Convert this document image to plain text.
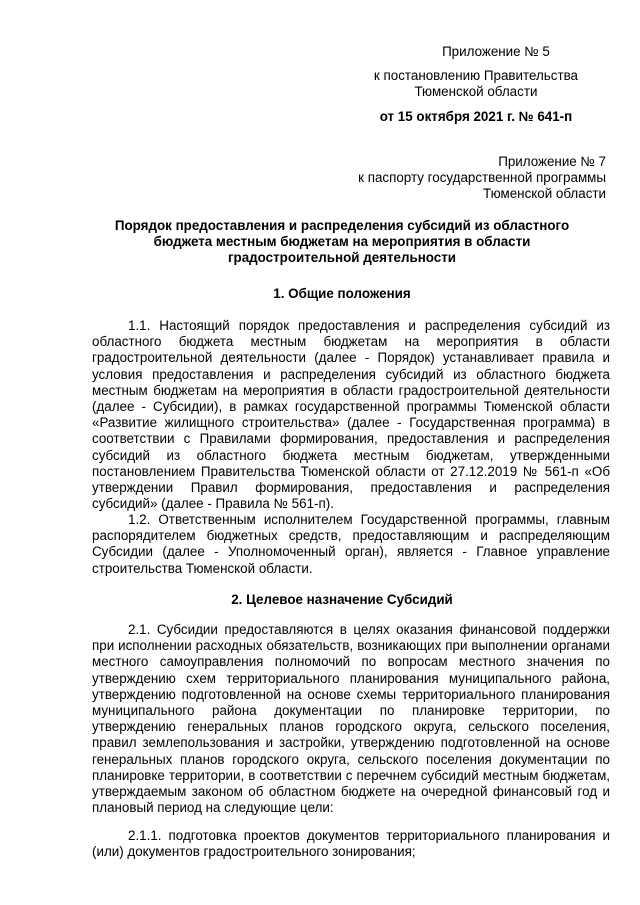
Приложение № 5
к постановлению Правительства
Тюменской области
от 15 октября 2021 г. № 641-п
Приложение № 7
к паспорту государственной программы
Тюменской области
Порядок предоставления и распределения субсидий из областного бюджета местным бюджетам на мероприятия в области градостроительной деятельности
1. Общие положения
1.1. Настоящий порядок предоставления и распределения субсидий из областного бюджета местным бюджетам на мероприятия в области градостроительной деятельности (далее - Порядок) устанавливает правила и условия предоставления и распределения субсидий из областного бюджета местным бюджетам на мероприятия в области градостроительной деятельности (далее - Субсидии), в рамках государственной программы Тюменской области «Развитие жилищного строительства» (далее - Государственная программа) в соответствии с Правилами формирования, предоставления и распределения субсидий из областного бюджета местным бюджетам, утвержденными постановлением Правительства Тюменской области от 27.12.2019 № 561-п «Об утверждении Правил формирования, предоставления и распределения субсидий» (далее - Правила № 561-п).
1.2. Ответственным исполнителем Государственной программы, главным распорядителем бюджетных средств, предоставляющим и распределяющим Субсидии (далее - Уполномоченный орган), является - Главное управление строительства Тюменской области.
2. Целевое назначение Субсидий
2.1. Субсидии предоставляются в целях оказания финансовой поддержки при исполнении расходных обязательств, возникающих при выполнении органами местного самоуправления полномочий по вопросам местного значения по утверждению схем территориального планирования муниципального района, утверждению подготовленной на основе схемы территориального планирования муниципального района документации по планировке территории, по утверждению генеральных планов городского округа, сельского поселения, правил землепользования и застройки, утверждению подготовленной на основе генеральных планов городского округа, сельского поселения документации по планировке территории, в соответствии с перечнем субсидий местным бюджетам, утверждаемым законом об областном бюджете на очередной финансовый год и плановый период на следующие цели:
2.1.1. подготовка проектов документов территориального планирования и (или) документов градостроительного зонирования;
